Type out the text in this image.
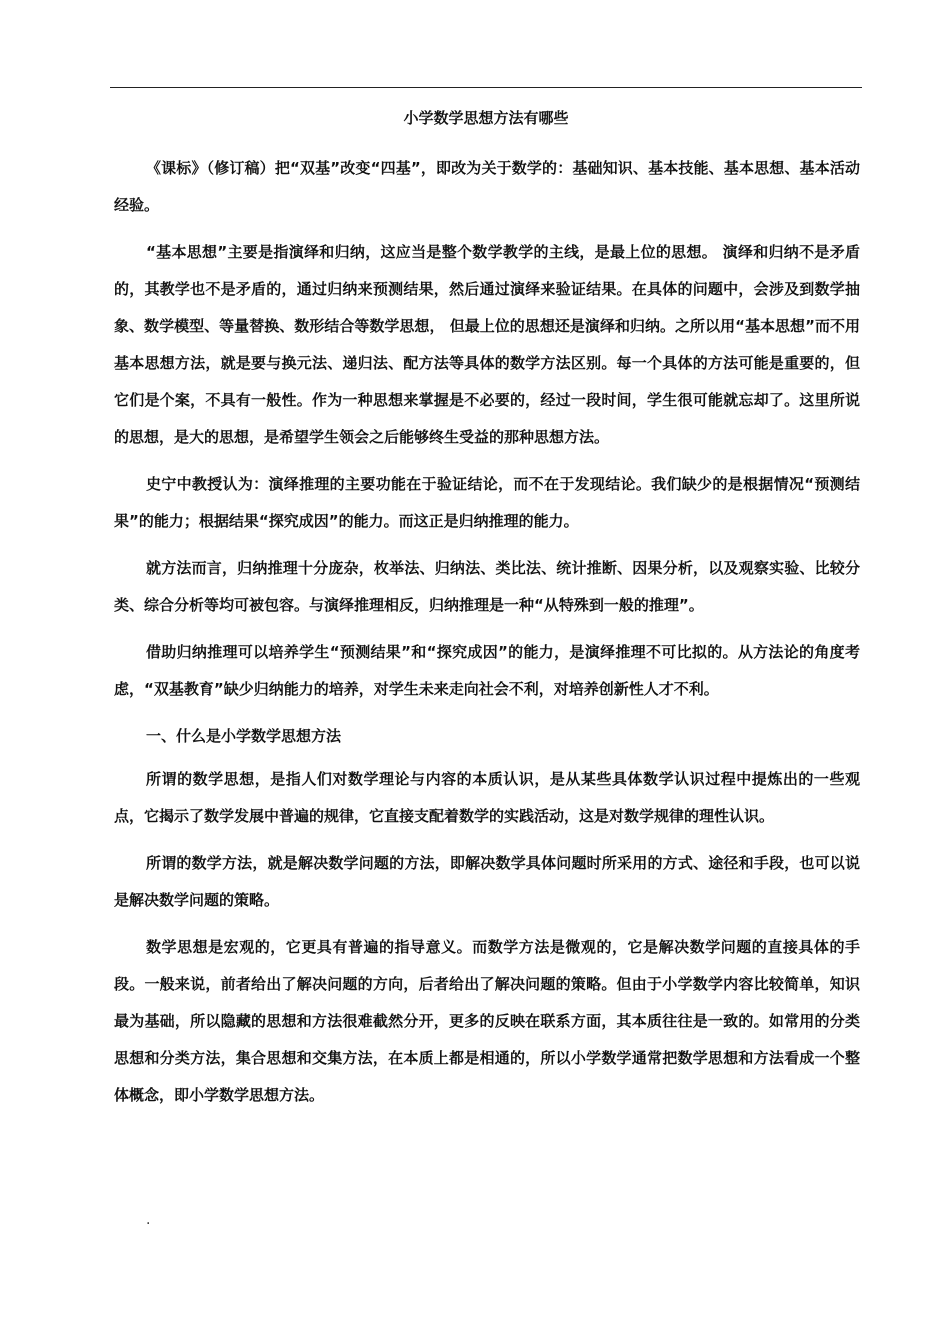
小学数学思想方法有哪些

《课标》（修订稿）把“双基”改变“四基”，即改为关于数学的：基础知识、基本技能、基本思想、基本活动经验。

“基本思想”主要是指演绎和归纳，这应当是整个数学教学的主线，是最上位的思想。 演绎和归纳不是矛盾的，其教学也不是矛盾的，通过归纳来预测结果，然后通过演绎来验证结果。在具体的问题中，会涉及到数学抽象、数学模型、等量替换、数形结合等数学思想， 但最上位的思想还是演绎和归纳。之所以用“基本思想”而不用基本思想方法，就是要与换元法、递归法、配方法等具体的数学方法区别。每一个具体的方法可能是重要的，但它们是个案，不具有一般性。作为一种思想来掌握是不必要的，经过一段时间，学生很可能就忘却了。这里所说的思想，是大的思想，是希望学生领会之后能够终生受益的那种思想方法。

史宁中教授认为：演绎推理的主要功能在于验证结论，而不在于发现结论。我们缺少的是根据情况“预测结果”的能力；根据结果“探究成因”的能力。而这正是归纳推理的能力。

就方法而言，归纳推理十分庞杂，枚举法、归纳法、类比法、统计推断、因果分析，以及观察实验、比较分类、综合分析等均可被包容。与演绎推理相反，归纳推理是一种“从特殊到一般的推理”。

借助归纳推理可以培养学生“预测结果”和“探究成因”的能力，是演绎推理不可比拟的。从方法论的角度考虑，“双基教育”缺少归纳能力的培养，对学生未来走向社会不利，对培养创新性人才不利。

一、什么是小学数学思想方法

所谓的数学思想，是指人们对数学理论与内容的本质认识，是从某些具体数学认识过程中提炼出的一些观点，它揭示了数学发展中普遍的规律，它直接支配着数学的实践活动，这是对数学规律的理性认识。

所谓的数学方法，就是解决数学问题的方法，即解决数学具体问题时所采用的方式、途径和手段，也可以说是解决数学问题的策略。

数学思想是宏观的，它更具有普遍的指导意义。而数学方法是微观的，它是解决数学问题的直接具体的手段。一般来说，前者给出了解决问题的方向，后者给出了解决问题的策略。但由于小学数学内容比较简单，知识最为基础，所以隐藏的思想和方法很难截然分开，更多的反映在联系方面，其本质往往是一致的。如常用的分类思想和分类方法，集合思想和交集方法，在本质上都是相通的，所以小学数学通常把数学思想和方法看成一个整体概念，即小学数学思想方法。

.
